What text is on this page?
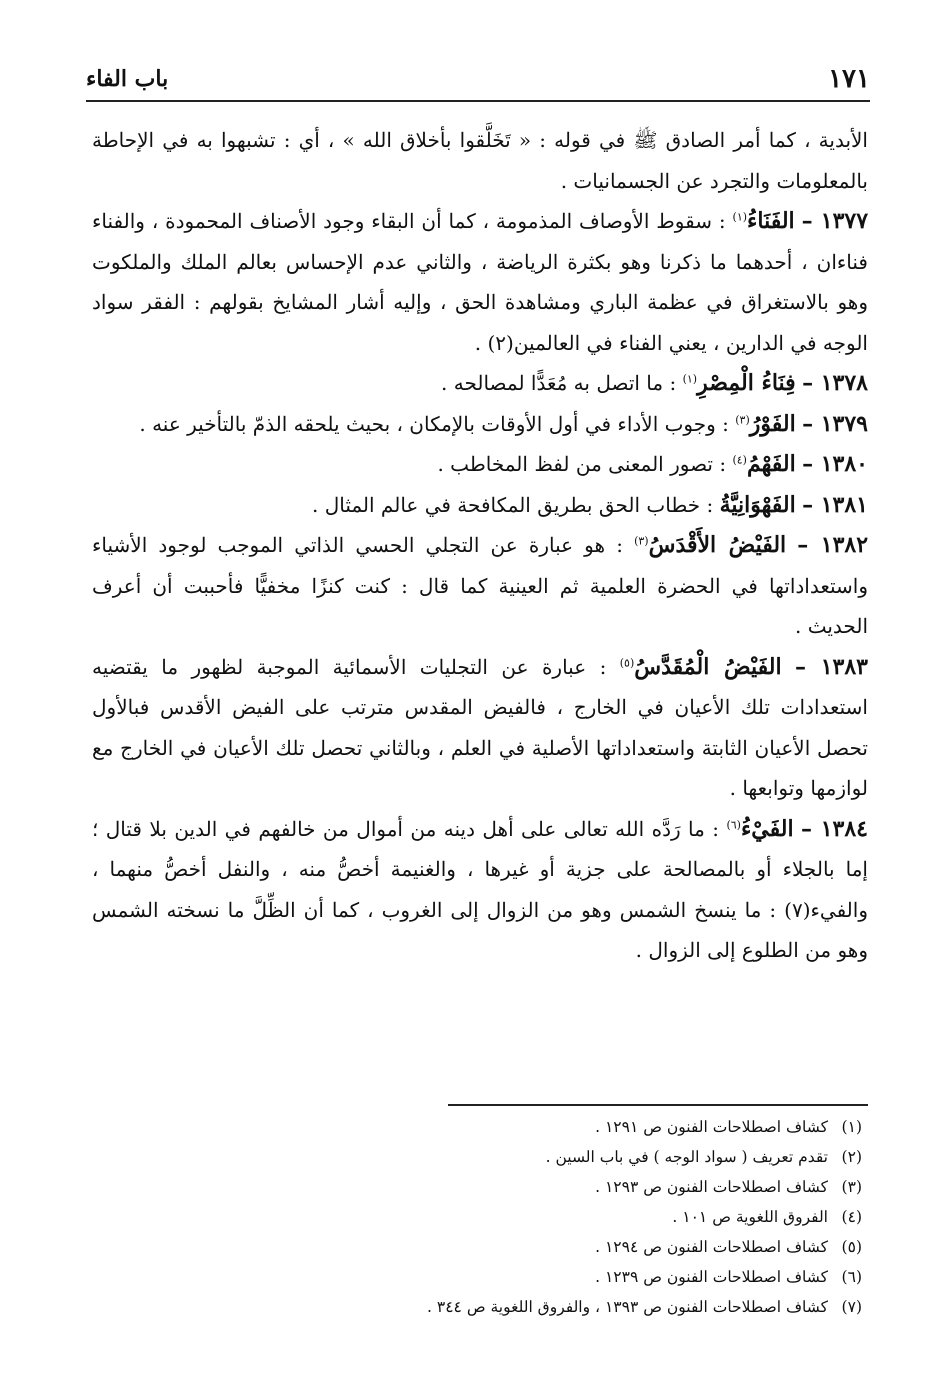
١٧١
باب الفاء

الأبدية ، كما أمر الصادق ﷺ في قوله : « تَخَلَّقوا بأخلاق الله » ، أي : تشبهوا به في الإحاطة بالمعلومات والتجرد عن الجسمانيات .

١٣٧٧ – الفَنَاءُ$^{(١)}$ : سقوط الأوصاف المذمومة ، كما أن البقاء وجود الأصناف المحمودة ، والفناء فناءان ، أحدهما ما ذكرنا وهو بكثرة الرياضة ، والثاني عدم الإحساس بعالم الملك والملكوت وهو بالاستغراق في عظمة الباري ومشاهدة الحق ، وإليه أشار المشايخ بقولهم : الفقر سواد الوجه في الدارين ، يعني الفناء في العالمين(٢) .

١٣٧٨ – فِنَاءُ الْمِصْرِ$^{(١)}$ : ما اتصل به مُعَدًّا لمصالحه .

١٣٧٩ – الفَوْرُ$^{(٣)}$ : وجوب الأداء في أول الأوقات بالإمكان ، بحيث يلحقه الذمّ بالتأخير عنه .

١٣٨٠ – الفَهْمُ$^{(٤)}$ : تصور المعنى من لفظ المخاطب .

١٣٨١ – الفَهْوَانِيَّةُ : خطاب الحق بطريق المكافحة في عالم المثال .

١٣٨٢ – الفَيْضُ الأَقْدَسُ$^{(٣)}$ : هو عبارة عن التجلي الحسي الذاتي الموجب لوجود الأشياء واستعداداتها في الحضرة العلمية ثم العينية كما قال : كنت كنزًا مخفيًّا فأحببت أن أعرف الحديث .

١٣٨٣ – الفَيْضُ الْمُقَدَّسُ$^{(٥)}$ : عبارة عن التجليات الأسمائية الموجبة لظهور ما يقتضيه استعدادات تلك الأعيان في الخارج ، فالفيض المقدس مترتب على الفيض الأقدس فبالأول تحصل الأعيان الثابتة واستعداداتها الأصلية في العلم ، وبالثاني تحصل تلك الأعيان في الخارج مع لوازمها وتوابعها .

١٣٨٤ – الفَيْءُ$^{(٦)}$ : ما رَدَّه الله تعالى على أهل دينه من أموال من خالفهم في الدين بلا قتال ؛ إما بالجلاء أو بالمصالحة على جزية أو غيرها ، والغنيمة أخصُّ منه ، والنفل أخصُّ منهما ، والفيء(٧) : ما ينسخ الشمس وهو من الزوال إلى الغروب ، كما أن الظِّلَّ ما نسخته الشمس وهو من الطلوع إلى الزوال .

(١)كشاف اصطلاحات الفنون ص ١٢٩١ .
(٢)تقدم تعريف ( سواد الوجه ) في باب السين .
(٣)كشاف اصطلاحات الفنون ص ١٢٩٣ .
(٤)الفروق اللغوية ص ١٠١ .
(٥)كشاف اصطلاحات الفنون ص ١٢٩٤ .
(٦)كشاف اصطلاحات الفنون ص ١٢٣٩ .
(٧)كشاف اصطلاحات الفنون ص ١٣٩٣ ، والفروق اللغوية ص ٣٤٤ .
